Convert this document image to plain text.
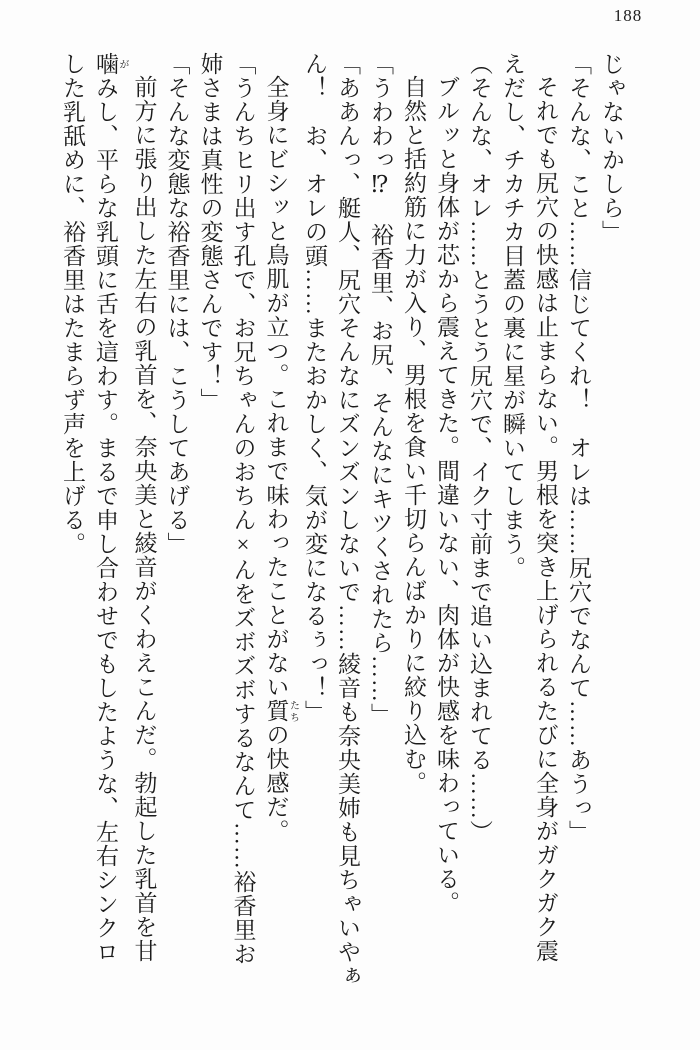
188
じゃないかしら」
「そんな、こと……信じてくれ！　オレは……尻穴でなんて……あうっ」
それでも尻穴の快感は止まらない。男根を突き上げられるたびに全身がガクガク震
えだし、チカチカ目蓋の裏に星が瞬いてしまう。
（そんな、オレ……とうとう尻穴で、イク寸前まで追い込まれてる……）
ブルッと身体が芯から震えてきた。間違いない、肉体が快感を味わっている。
自然と括約筋に力が入り、男根を食い千切らんばかりに絞り込む。
「うわわっ⁉　裕香里、お尻、そんなにキツくされたら……」
「ああんっ、艇人、尻穴そんなにズンズンしないで……綾音も奈央美姉も見ちゃいやぁ
ん！　お、オレの頭……またおかしく、気が変になるぅっ！」
全身にビシッと鳥肌が立つ。これまで味わったことがない質 たちの快感だ。
「うんちヒリ出す孔で、お兄ちゃんのおちん×んをズボズボするなんて……裕香里お
姉さまは真性の変態さんです！」
「そんな変態な裕香里には、こうしてあげる」
前方に張り出した左右の乳首を、奈央美と綾音がくわえこんだ。勃起した乳首を甘
噛 がみし、平らな乳頭に舌を這わす。まるで申し合わせでもしたような、左右シンクロ
した乳舐めに、裕香里はたまらず声を上げる。
